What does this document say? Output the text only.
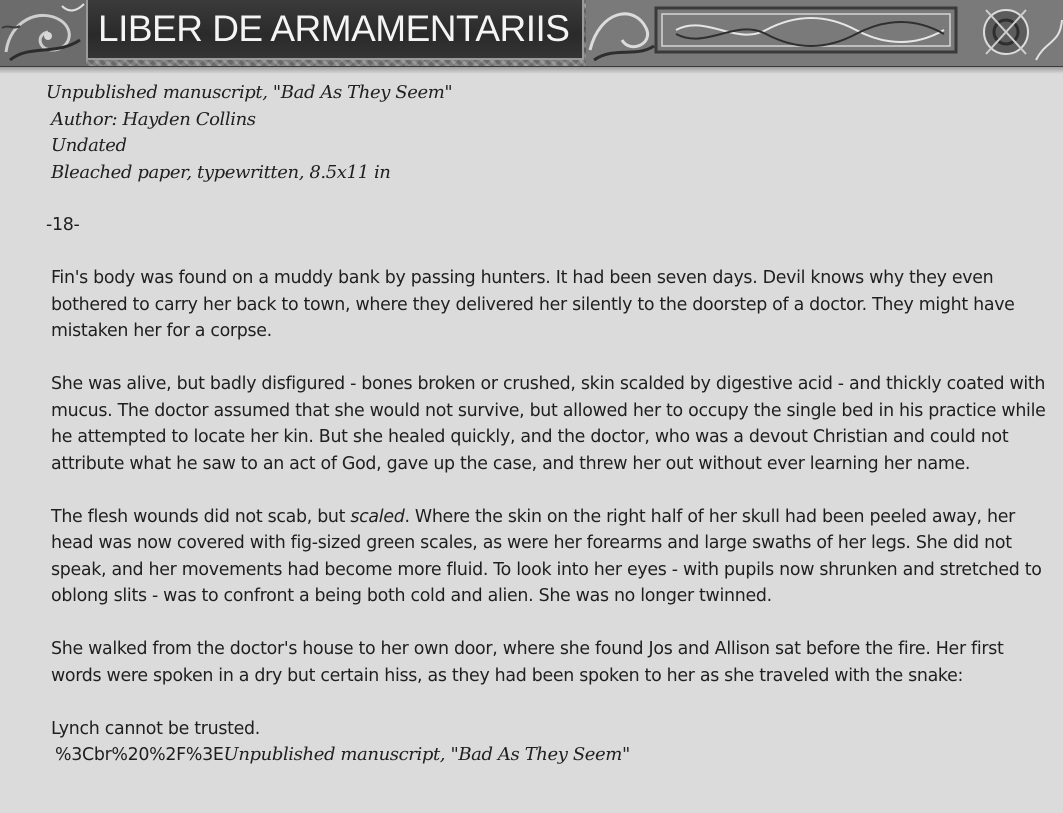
LIBER DE ARMAMENTARIIS
Unpublished manuscript, "Bad As They Seem"
Author: Hayden Collins
Undated
Bleached paper, typewritten, 8.5x11 in
-18-

Fin's body was found on a muddy bank by passing hunters. It had been seven days. Devil knows why they even bothered to carry her back to town, where they delivered her silently to the doorstep of a doctor. They might have mistaken her for a corpse.

She was alive, but badly disfigured - bones broken or crushed, skin scalded by digestive acid - and thickly coated with mucus. The doctor assumed that she would not survive, but allowed her to occupy the single bed in his practice while he attempted to locate her kin. But she healed quickly, and the doctor, who was a devout Christian and could not attribute what he saw to an act of God, gave up the case, and threw her out without ever learning her name.

The flesh wounds did not scab, but scaled. Where the skin on the right half of her skull had been peeled away, her head was now covered with fig-sized green scales, as were her forearms and large swaths of her legs. She did not speak, and her movements had become more fluid. To look into her eyes - with pupils now shrunken and stretched to oblong slits - was to confront a being both cold and alien. She was no longer twinned.

She walked from the doctor's house to her own door, where she found Jos and Allison sat before the fire. Her first words were spoken in a dry but certain hiss, as they had been spoken to her as she traveled with the snake:

Lynch cannot be trusted.

%3Cbr%20%2F%3EUnpublished manuscript, "Bad As They Seem"
